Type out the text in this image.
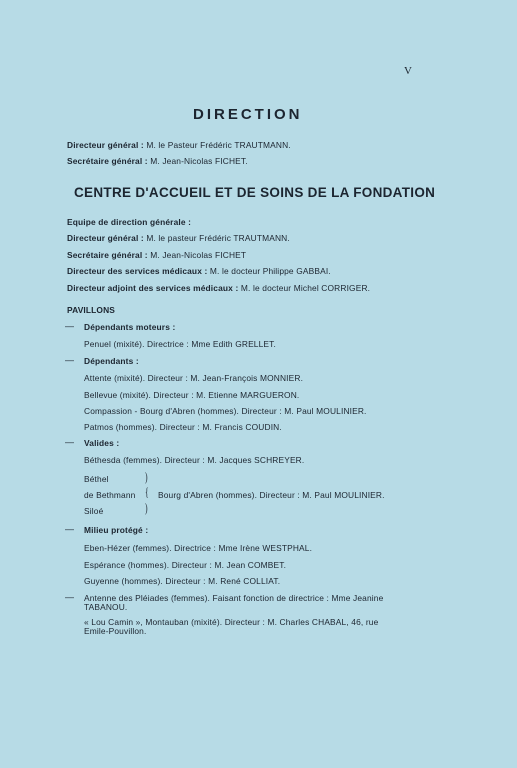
V
DIRECTION
Directeur général : M. le Pasteur Frédéric TRAUTMANN.
Secrétaire général : M. Jean-Nicolas FICHET.
CENTRE D'ACCUEIL ET DE SOINS DE LA FONDATION
Equipe de direction générale :
Directeur général : M. le pasteur Frédéric TRAUTMANN.
Secrétaire général : M. Jean-Nicolas FICHET
Directeur des services médicaux : M. le docteur Philippe GABBAI.
Directeur adjoint des services médicaux : M. le docteur Michel CORRIGER.
PAVILLONS
— Dépendants moteurs :
Penuel (mixité). Directrice : Mme Edith GRELLET.
— Dépendants :
Attente (mixité). Directeur : M. Jean-François MONNIER.
Bellevue (mixité). Directeur : M. Etienne MARGUERON.
Compassion - Bourg d'Abren (hommes). Directeur : M. Paul MOULINIER.
Patmos (hommes). Directeur : M. Francis COUDIN.
— Valides :
Béthesda (femmes). Directeur : M. Jacques SCHREYER.
Béthel
de Bethmann
Siloé
)
{
)
Bourg d'Abren (hommes). Directeur : M. Paul MOULINIER.
— Milieu protégé :
Eben-Hézer (femmes). Directrice : Mme Irène WESTPHAL.
Espérance (hommes). Directeur : M. Jean COMBET.
Guyenne (hommes). Directeur : M. René COLLIAT.
— Antenne des Pléiades (femmes). Faisant fonction de directrice : Mme Jeanine
TABANOU.
« Lou Camin », Montauban (mixité). Directeur : M. Charles CHABAL, 46, rue
Emile-Pouvillon.
